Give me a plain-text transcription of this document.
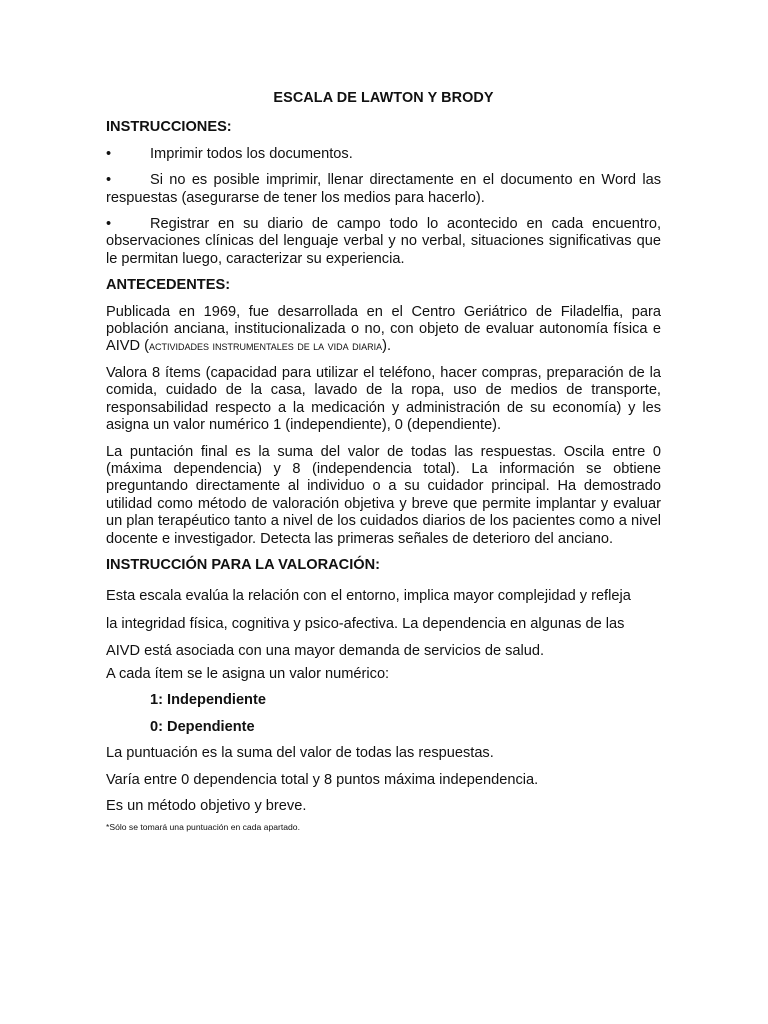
ESCALA DE LAWTON Y BRODY
INSTRUCCIONES:
•	Imprimir todos los documentos.
•	Si no es posible imprimir, llenar directamente en el documento en Word las respuestas (asegurarse de tener los medios para hacerlo).
•	Registrar en su diario de campo todo lo acontecido en cada encuentro, observaciones clínicas del lenguaje verbal y no verbal, situaciones significativas que le permitan luego, caracterizar su experiencia.
ANTECEDENTES:

Publicada en 1969, fue desarrollada en el Centro Geriátrico de Filadelfia, para población anciana, institucionalizada o no, con objeto de evaluar autonomía física e AIVD (actividades instrumentales de la vida diaria).

Valora 8 ítems (capacidad para utilizar el teléfono, hacer compras, preparación de la comida, cuidado de la casa, lavado de la ropa, uso de medios de transporte, responsabilidad respecto a la medicación y administración de su economía) y les asigna un valor numérico 1 (independiente), 0 (dependiente).

La puntación final es la suma del valor de todas las respuestas. Oscila entre 0 (máxima dependencia) y 8 (independencia total). La información se obtiene preguntando directamente al individuo o a su cuidador principal. Ha demostrado utilidad como método de valoración objetiva y breve que permite implantar y evaluar un plan terapéutico tanto a nivel de los cuidados diarios de los pacientes como a nivel docente e investigador. Detecta las primeras señales de deterioro del anciano.

INSTRUCCIÓN PARA LA VALORACIÓN:

Esta escala evalúa la relación con el entorno, implica mayor complejidad y refleja

la integridad física, cognitiva y psico-afectiva. La dependencia en algunas de las

AIVD está asociada con una mayor demanda de servicios de salud.

A cada ítem se le asigna un valor numérico:

1: Independiente
0: Dependiente

La puntuación es la suma del valor de todas las respuestas.

Varía entre 0 dependencia total y 8 puntos máxima independencia.

Es un método objetivo y breve.

*Sólo se tomará una puntuación en cada apartado.
